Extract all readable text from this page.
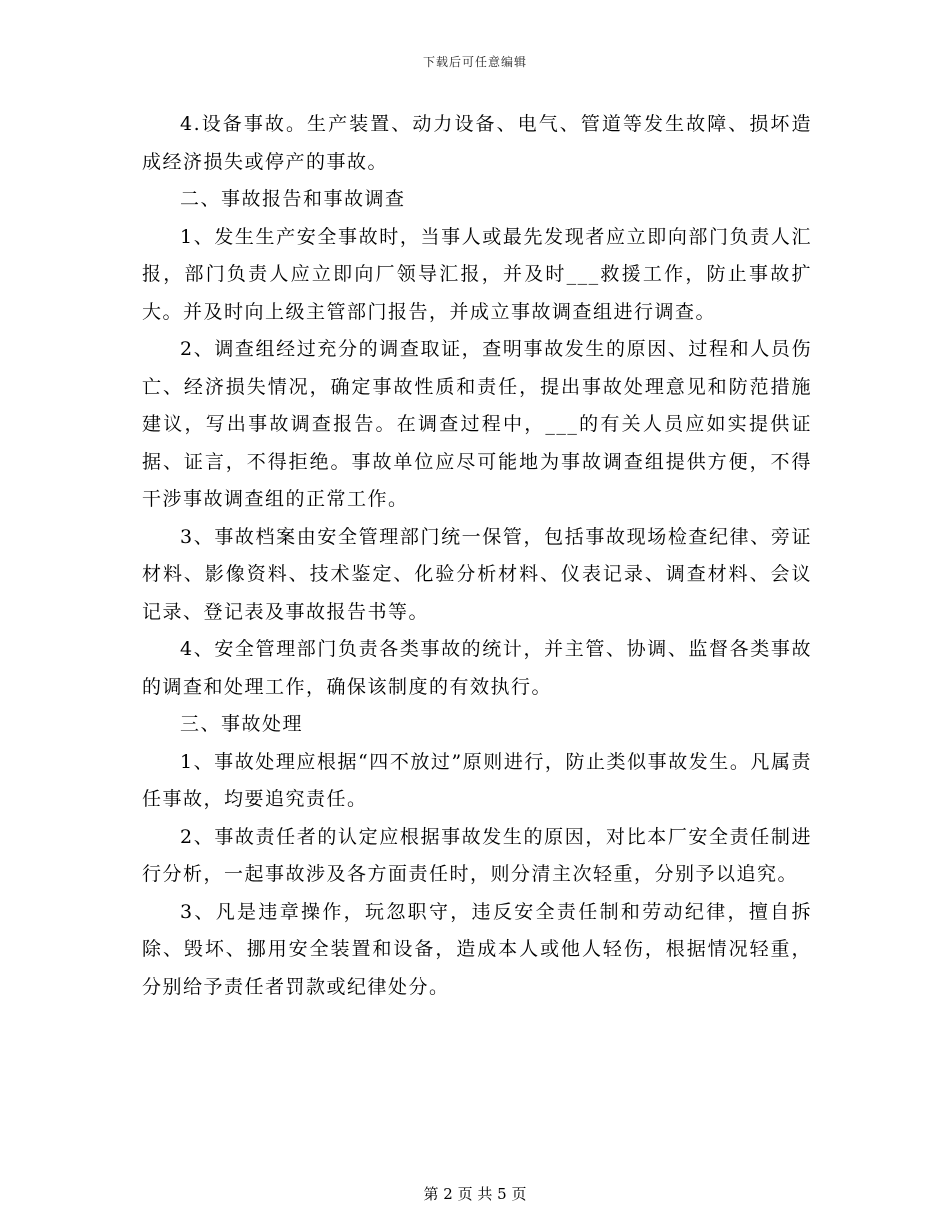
下载后可任意编辑

4.设备事故。生产装置、动力设备、电气、管道等发生故障、损坏造成经济损失或停产的事故。

二、事故报告和事故调查

1、发生生产安全事故时，当事人或最先发现者应立即向部门负责人汇报，部门负责人应立即向厂领导汇报，并及时___救援工作，防止事故扩大。并及时向上级主管部门报告，并成立事故调查组进行调查。

2、调查组经过充分的调查取证，查明事故发生的原因、过程和人员伤亡、经济损失情况，确定事故性质和责任，提出事故处理意见和防范措施建议，写出事故调查报告。在调查过程中，___的有关人员应如实提供证据、证言，不得拒绝。事故单位应尽可能地为事故调查组提供方便，不得干涉事故调查组的正常工作。

3、事故档案由安全管理部门统一保管，包括事故现场检查纪律、旁证材料、影像资料、技术鉴定、化验分析材料、仪表记录、调查材料、会议记录、登记表及事故报告书等。

4、安全管理部门负责各类事故的统计，并主管、协调、监督各类事故的调查和处理工作，确保该制度的有效执行。

三、事故处理

1、事故处理应根据“四不放过”原则进行，防止类似事故发生。凡属责任事故，均要追究责任。

2、事故责任者的认定应根据事故发生的原因，对比本厂安全责任制进行分析，一起事故涉及各方面责任时，则分清主次轻重，分别予以追究。

3、凡是违章操作，玩忽职守，违反安全责任制和劳动纪律，擅自拆除、毁坏、挪用安全装置和设备，造成本人或他人轻伤，根据情况轻重，分别给予责任者罚款或纪律处分。

第 2 页 共 5 页
